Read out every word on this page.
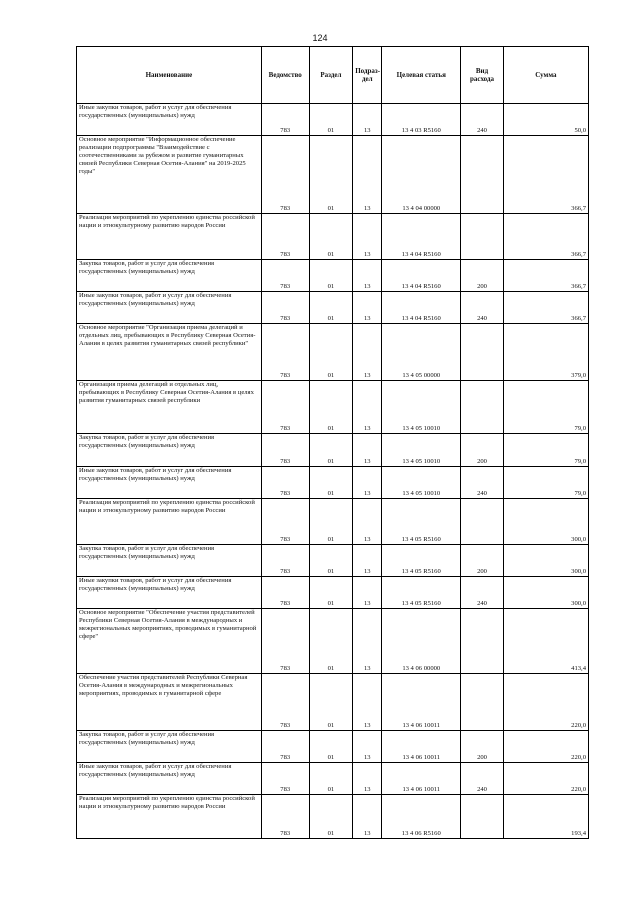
124
Наименование	Ведомство	Раздел	Подраз-дел	Целевая статья	Вид расхода	Сумма
Иные закупки товаров, работ и услуг для обеспечения государственных (муниципальных) нужд	783	01	13	13 4 03 R5160	240	50,0
Основное мероприятие "Информационное обеспечение реализации подпрограммы "Взаимодействие с соотечественниками за рубежом и развитие гуманитарных связей Республики Северная Осетия-Алания" на 2019-2025 годы"	783	01	13	13 4 04 00000		366,7
Реализация мероприятий по укреплению единства российской нации и этнокультурному развитию народов России	783	01	13	13 4 04 R5160		366,7
Закупка товаров, работ и услуг для обеспечения государственных (муниципальных) нужд	783	01	13	13 4 04 R5160	200	366,7
Иные закупки товаров, работ и услуг для обеспечения государственных (муниципальных) нужд	783	01	13	13 4 04 R5160	240	366,7
Основное мероприятие "Организация приема делегаций и отдельных лиц, пребывающих в Республику Северная Осетия-Алания в целях развития гуманитарных связей республики"	783	01	13	13 4 05 00000		379,0
Организация приема делегаций и отдельных лиц, пребывающих в Республику Северная Осетия-Алания в целях развития гуманитарных связей республики	783	01	13	13 4 05 10010		79,0
Закупка товаров, работ и услуг для обеспечения государственных (муниципальных) нужд	783	01	13	13 4 05 10010	200	79,0
Иные закупки товаров, работ и услуг для обеспечения государственных (муниципальных) нужд	783	01	13	13 4 05 10010	240	79,0
Реализация мероприятий по укреплению единства российской нации и этнокультурному развитию народов России	783	01	13	13 4 05 R5160		300,0
Закупка товаров, работ и услуг для обеспечения государственных (муниципальных) нужд	783	01	13	13 4 05 R5160	200	300,0
Иные закупки товаров, работ и услуг для обеспечения государственных (муниципальных) нужд	783	01	13	13 4 05 R5160	240	300,0
Основное мероприятие "Обеспечение участия представителей Республики Северная Осетия-Алания в международных и межрегиональных мероприятиях, проводимых в гуманитарной сфере"	783	01	13	13 4 06 00000		413,4
Обеспечение участия представителей Республики Северная Осетия-Алания в международных и межрегиональных мероприятиях, проводимых в гуманитарной сфере	783	01	13	13 4 06 10011		220,0
Закупка товаров, работ и услуг для обеспечения государственных (муниципальных) нужд	783	01	13	13 4 06 10011	200	220,0
Иные закупки товаров, работ и услуг для обеспечения государственных (муниципальных) нужд	783	01	13	13 4 06 10011	240	220,0
Реализация мероприятий по укреплению единства российской нации и этнокультурному развитию народов России	783	01	13	13 4 06 R5160		193,4
